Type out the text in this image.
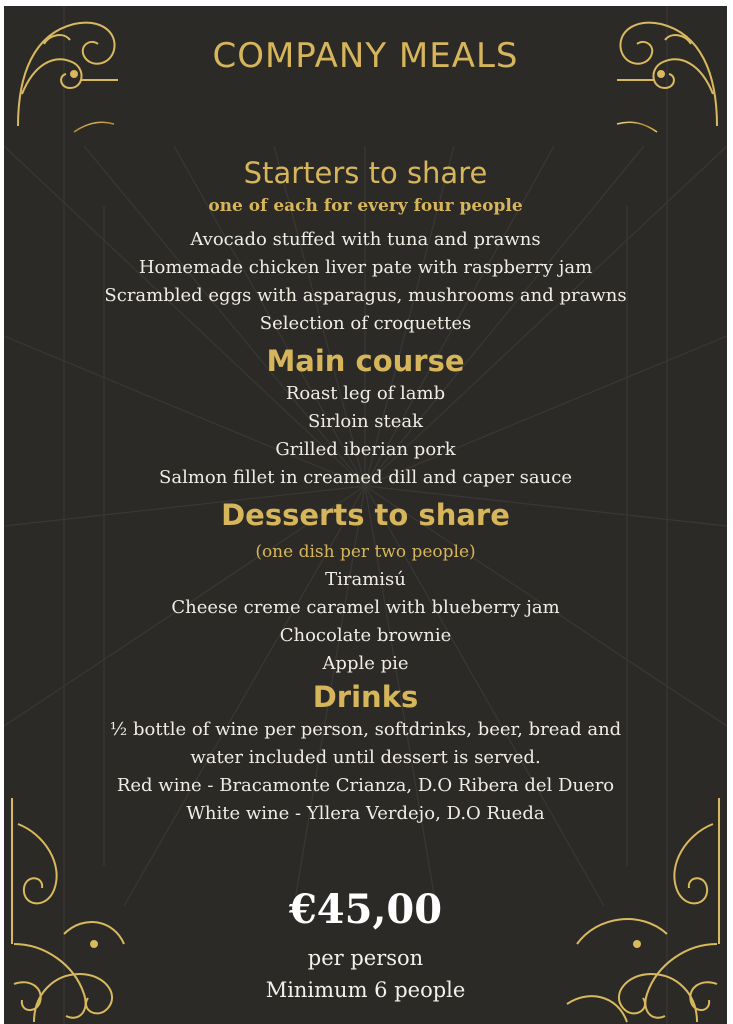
COMPANY MEALS
Starters to share
one of each for every four people
Avocado stuffed with tuna and prawns
Homemade chicken liver pate with raspberry jam
Scrambled eggs with asparagus, mushrooms and prawns
Selection of croquettes
Main course
Roast leg of lamb
Sirloin steak
Grilled iberian pork
Salmon fillet in creamed dill and caper sauce
Desserts to share
(one dish per two people)
Tiramisú
Cheese creme caramel with blueberry jam
Chocolate brownie
Apple pie
Drinks
½ bottle of wine per person, softdrinks, beer, bread and
water included until dessert is served.
Red wine - Bracamonte Crianza, D.O Ribera del Duero
White wine - Yllera Verdejo, D.O Rueda
€45,00
per person
Minimum 6 people
